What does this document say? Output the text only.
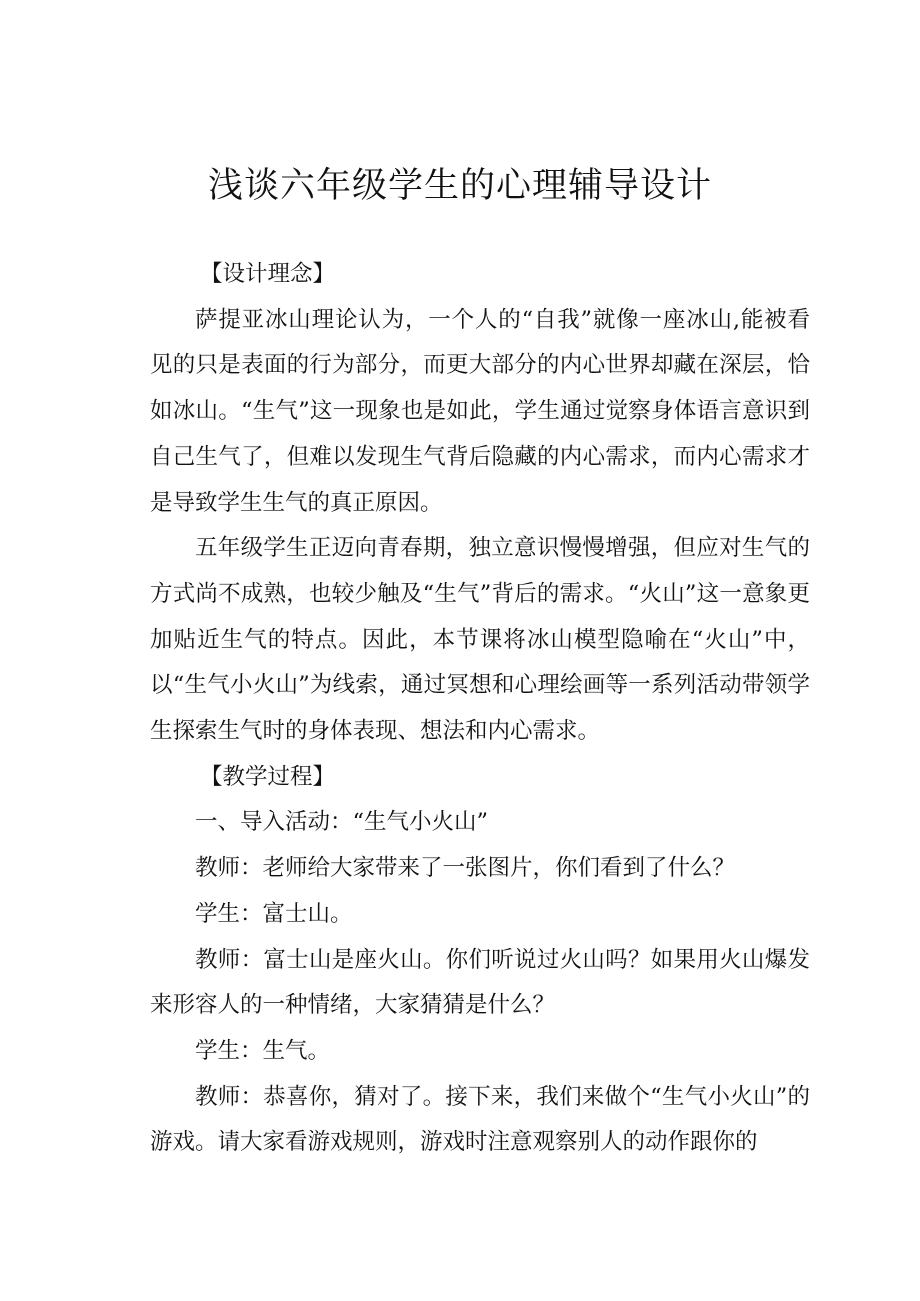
浅谈六年级学生的心理辅导设计
【设计理念】

萨提亚冰山理论认为，一个人的“自我”就像一座冰山,能被看见的只是表面的行为部分，而更大部分的内心世界却藏在深层，恰如冰山。“生气”这一现象也是如此，学生通过觉察身体语言意识到自己生气了，但难以发现生气背后隐藏的内心需求，而内心需求才是导致学生生气的真正原因。

五年级学生正迈向青春期，独立意识慢慢增强，但应对生气的方式尚不成熟，也较少触及“生气”背后的需求。“火山”这一意象更加贴近生气的特点。因此，本节课将冰山模型隐喻在“火山”中，以“生气小火山”为线索，通过冥想和心理绘画等一系列活动带领学生探索生气时的身体表现、想法和内心需求。

【教学过程】

一、导入活动：“生气小火山”

教师：老师给大家带来了一张图片，你们看到了什么？

学生：富士山。

教师：富士山是座火山。你们听说过火山吗？如果用火山爆发来形容人的一种情绪，大家猜猜是什么？

学生：生气。

教师：恭喜你，猜对了。接下来，我们来做个“生气小火山”的游戏。请大家看游戏规则，游戏时注意观察别人的动作跟你的
